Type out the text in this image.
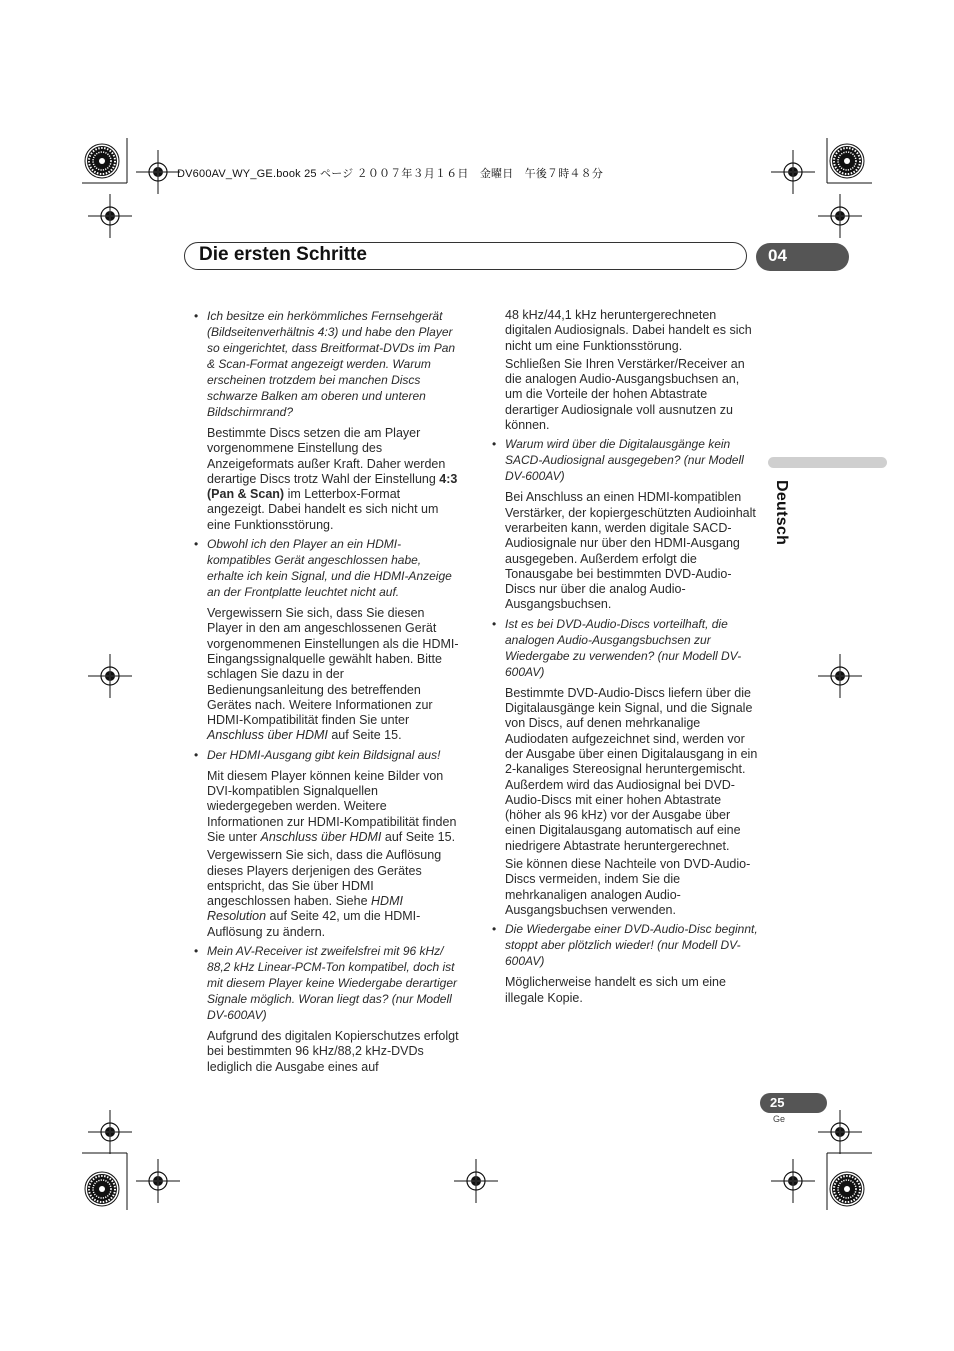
DV600AV_WY_GE.book 25 ページ ２００７年３月１６日　金曜日　午後７時４８分
Die ersten Schritte	04
Deutsch

• Ich besitze ein herkömmliches Fernsehgerät (Bildseitenverhältnis 4:3) und habe den Player so eingerichtet, dass Breitformat-DVDs im Pan & Scan-Format angezeigt werden. Warum erscheinen trotzdem bei manchen Discs schwarze Balken am oberen und unteren Bildschirmrand?

Bestimmte Discs setzen die am Player vorgenommene Einstellung des Anzeigeformats außer Kraft. Daher werden derartige Discs trotz Wahl der Einstellung 4:3 (Pan & Scan) im Letterbox-Format angezeigt. Dabei handelt es sich nicht um eine Funktionsstörung.

• Obwohl ich den Player an ein HDMI-kompatibles Gerät angeschlossen habe, erhalte ich kein Signal, und die HDMI-Anzeige an der Frontplatte leuchtet nicht auf.

Vergewissern Sie sich, dass Sie diesen Player in den am angeschlossenen Gerät vorgenommenen Einstellungen als die HDMI-Eingangssignalquelle gewählt haben. Bitte schlagen Sie dazu in der Bedienungsanleitung des betreffenden Gerätes nach. Weitere Informationen zur HDMI-Kompatibilität finden Sie unter Anschluss über HDMI auf Seite 15.

• Der HDMI-Ausgang gibt kein Bildsignal aus!

Mit diesem Player können keine Bilder von DVI-kompatiblen Signalquellen wiedergegeben werden. Weitere Informationen zur HDMI-Kompatibilität finden Sie unter Anschluss über HDMI auf Seite 15.

Vergewissern Sie sich, dass die Auflösung dieses Players derjenigen des Gerätes entspricht, das Sie über HDMI angeschlossen haben. Siehe HDMI Resolution auf Seite 42, um die HDMI-Auflösung zu ändern.

• Mein AV-Receiver ist zweifelsfrei mit 96 kHz/ 88,2 kHz Linear-PCM-Ton kompatibel, doch ist mit diesem Player keine Wiedergabe derartiger Signale möglich. Woran liegt das? (nur Modell DV-600AV)

Aufgrund des digitalen Kopierschutzes erfolgt bei bestimmten 96 kHz/88,2 kHz-DVDs lediglich die Ausgabe eines auf

48 kHz/44,1 kHz heruntergerechneten digitalen Audiosignals. Dabei handelt es sich nicht um eine Funktionsstörung.

Schließen Sie Ihren Verstärker/Receiver an die analogen Audio-Ausgangsbuchsen an, um die Vorteile der hohen Abtastrate derartiger Audiosignale voll ausnutzen zu können.

• Warum wird über die Digitalausgänge kein SACD-Audiosignal ausgegeben? (nur Modell DV-600AV)

Bei Anschluss an einen HDMI-kompatiblen Verstärker, der kopiergeschützten Audioinhalt verarbeiten kann, werden digitale SACD-Audiosignale nur über den HDMI-Ausgang ausgegeben. Außerdem erfolgt die Tonausgabe bei bestimmten DVD-Audio-Discs nur über die analog Audio-Ausgangsbuchsen.

• Ist es bei DVD-Audio-Discs vorteilhaft, die analogen Audio-Ausgangsbuchsen zur Wiedergabe zu verwenden? (nur Modell DV-600AV)

Bestimmte DVD-Audio-Discs liefern über die Digitalausgänge kein Signal, und die Signale von Discs, auf denen mehrkanalige Audiodaten aufgezeichnet sind, werden vor der Ausgabe über einen Digitalausgang in ein 2-kanaliges Stereosignal heruntergemischt. Außerdem wird das Audiosignal bei DVD-Audio-Discs mit einer hohen Abtastrate (höher als 96 kHz) vor der Ausgabe über einen Digitalausgang automatisch auf eine niedrigere Abtastrate heruntergerechnet.

Sie können diese Nachteile von DVD-Audio-Discs vermeiden, indem Sie die mehrkanaligen analogen Audio-Ausgangsbuchsen verwenden.

• Die Wiedergabe einer DVD-Audio-Disc beginnt, stoppt aber plötzlich wieder! (nur Modell DV-600AV)

Möglicherweise handelt es sich um eine illegale Kopie.

25
Ge
